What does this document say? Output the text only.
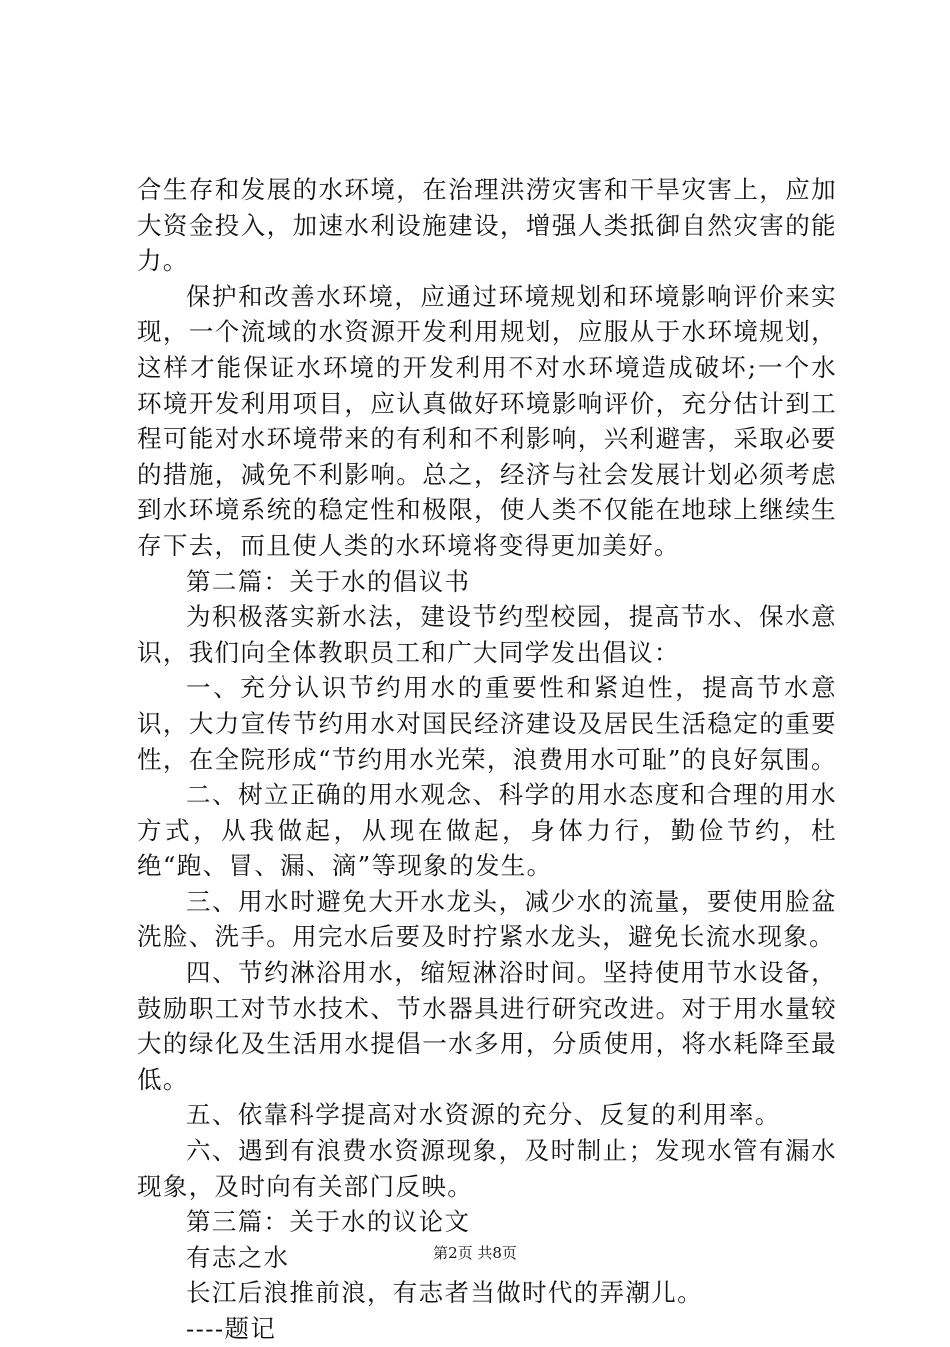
合生存和发展的水环境，在治理洪涝灾害和干旱灾害上，应加大资金投入，加速水利设施建设，增强人类抵御自然灾害的能力。

保护和改善水环境，应通过环境规划和环境影响评价来实现，一个流域的水资源开发利用规划，应服从于水环境规划，这样才能保证水环境的开发利用不对水环境造成破坏;一个水环境开发利用项目，应认真做好环境影响评价，充分估计到工程可能对水环境带来的有利和不利影响，兴利避害，采取必要的措施，减免不利影响。总之，经济与社会发展计划必须考虑到水环境系统的稳定性和极限，使人类不仅能在地球上继续生存下去，而且使人类的水环境将变得更加美好。

第二篇：关于水的倡议书

为积极落实新水法，建设节约型校园，提高节水、保水意识，我们向全体教职员工和广大同学发出倡议：

一、充分认识节约用水的重要性和紧迫性，提高节水意识，大力宣传节约用水对国民经济建设及居民生活稳定的重要性，在全院形成“节约用水光荣，浪费用水可耻”的良好氛围。

二、树立正确的用水观念、科学的用水态度和合理的用水方式，从我做起，从现在做起，身体力行，勤俭节约，杜绝“跑、冒、漏、滴”等现象的发生。

三、用水时避免大开水龙头，减少水的流量，要使用脸盆洗脸、洗手。用完水后要及时拧紧水龙头，避免长流水现象。

四、节约淋浴用水，缩短淋浴时间。坚持使用节水设备，鼓励职工对节水技术、节水器具进行研究改进。对于用水量较大的绿化及生活用水提倡一水多用，分质使用，将水耗降至最低。

五、依靠科学提高对水资源的充分、反复的利用率。

六、遇到有浪费水资源现象，及时制止；发现水管有漏水现象，及时向有关部门反映。

第三篇：关于水的议论文

有志之水

长江后浪推前浪，有志者当做时代的弄潮儿。

----题记

第2页 共8页
